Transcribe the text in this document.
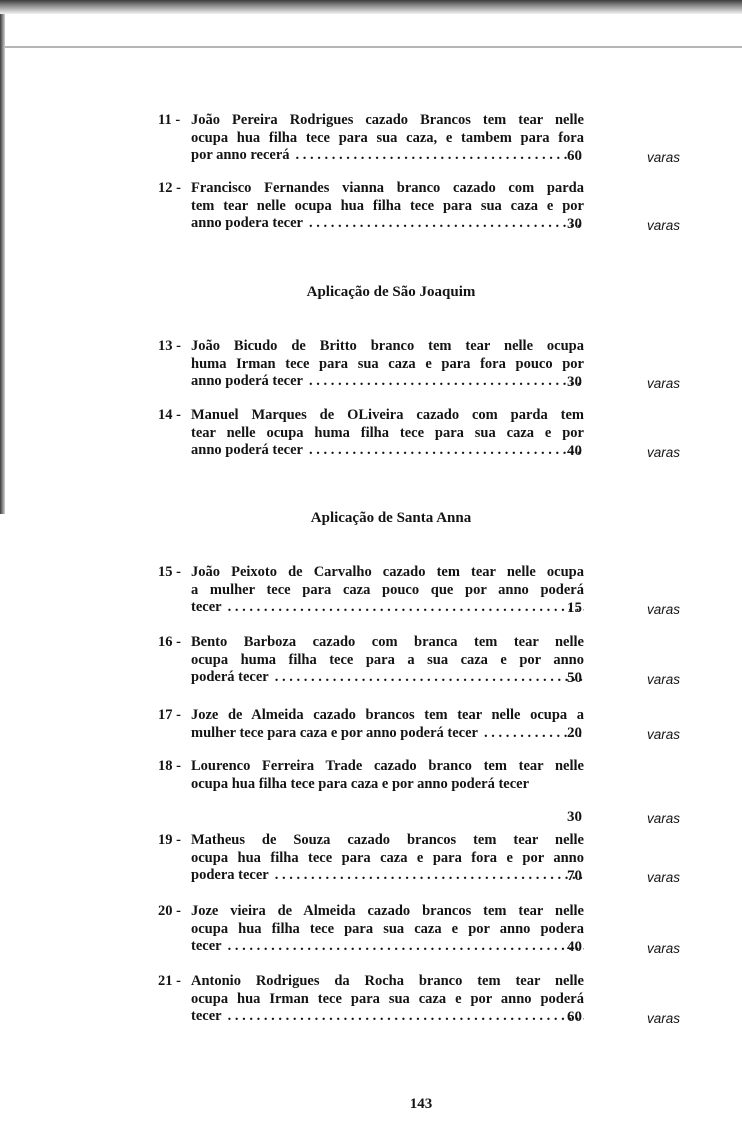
11 - João Pereira Rodrigues cazado Brancos tem tear nelle
ocupa hua filha tece para sua caza, e tambem para fora
por anno recerá . . .	60	varas
12 - Francisco Fernandes vianna branco cazado com parda
tem tear nelle ocupa hua filha tece para sua caza e por
anno podera tecer . . .	30	varas
Aplicação de São Joaquim
13 - João Bicudo de Britto branco tem tear nelle ocupa
huma Irman tece para sua caza e para fora pouco por
anno poderá tecer . . .	30	varas
14 - Manuel Marques de OLiveira cazado com parda tem
tear nelle ocupa huma filha tece para sua caza e por
anno poderá tecer . . .	40	varas
Aplicação de Santa Anna
15 - João Peixoto de Carvalho cazado tem tear nelle ocupa
a mulher tece para caza pouco que por anno poderá
tecer . . .	15	varas
16 - Bento Barboza cazado com branca tem tear nelle
ocupa huma filha tece para a sua caza e por anno
poderá tecer . . .	50	varas
17 - Joze de Almeida cazado brancos tem tear nelle ocupa a
mulher tece para caza e por anno poderá tecer . . .	20	varas
18 - Lourenco Ferreira Trade cazado branco tem tear nelle
ocupa hua filha tece para caza e por anno poderá tecer
30	varas
19 - Matheus de Souza cazado brancos tem tear nelle
ocupa hua filha tece para caza e para fora e por anno
podera tecer . . .	70	varas
20 - Joze vieira de Almeida cazado brancos tem tear nelle
ocupa hua filha tece para sua caza e por anno podera
tecer . . .	40	varas
21 - Antonio Rodrigues da Rocha branco tem tear nelle
ocupa hua Irman tece para sua caza e por anno poderá
tecer . . .	60	varas
143
